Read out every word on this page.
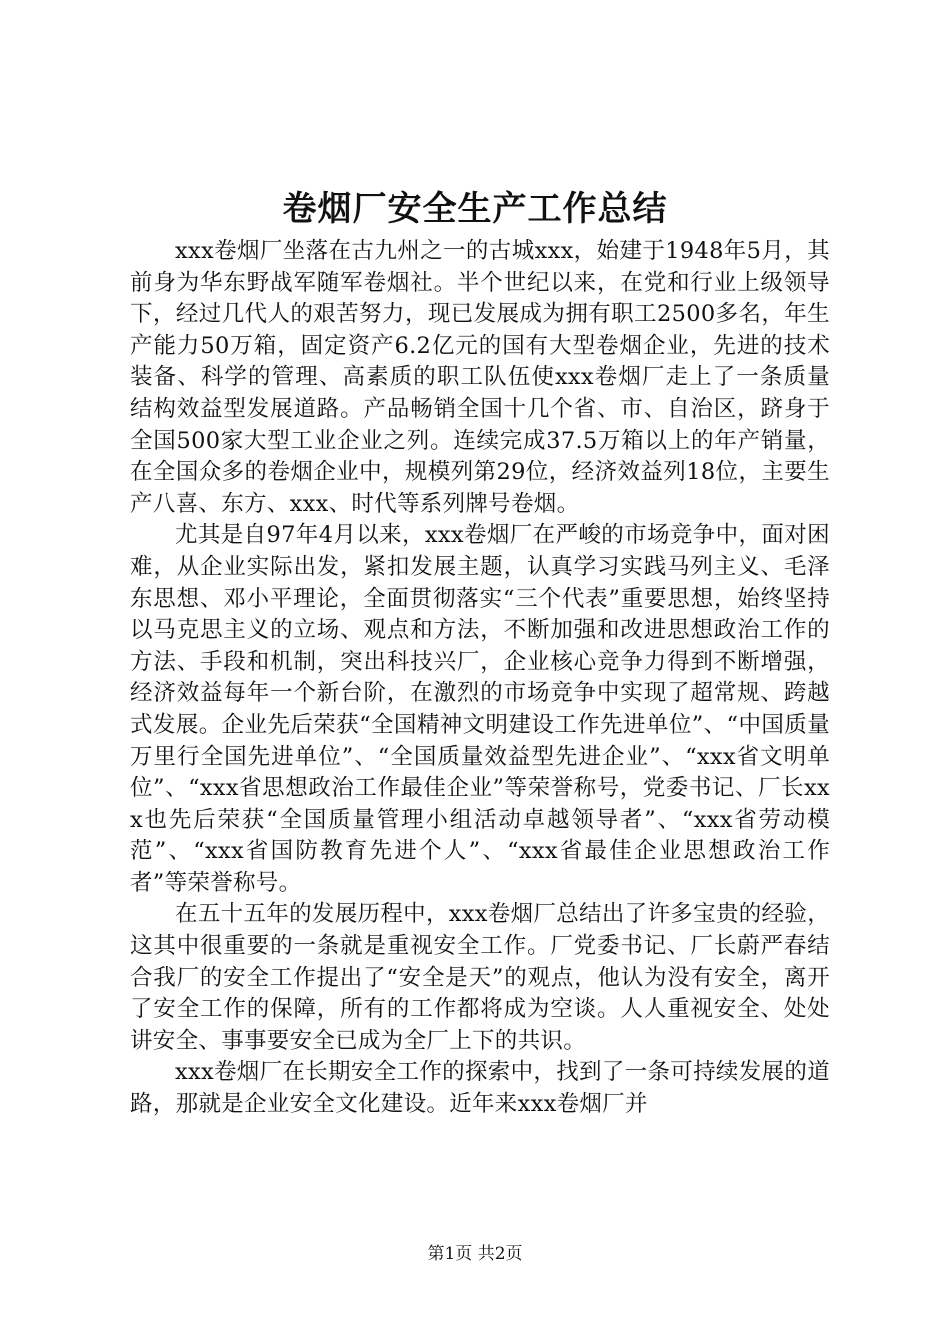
卷烟厂安全生产工作总结

xxx卷烟厂坐落在古九州之一的古城xxx，始建于1948年5月，其前身为华东野战军随军卷烟社。半个世纪以来，在党和行业上级领导下，经过几代人的艰苦努力，现已发展成为拥有职工2500多名，年生产能力50万箱，固定资产6.2亿元的国有大型卷烟企业，先进的技术装备、科学的管理、高素质的职工队伍使xxx卷烟厂走上了一条质量结构效益型发展道路。产品畅销全国十几个省、市、自治区，跻身于全国500家大型工业企业之列。连续完成37.5万箱以上的年产销量，在全国众多的卷烟企业中，规模列第29位，经济效益列18位，主要生产八喜、东方、xxx、时代等系列牌号卷烟。

尤其是自97年4月以来，xxx卷烟厂在严峻的市场竞争中，面对困难，从企业实际出发，紧扣发展主题，认真学习实践马列主义、毛泽东思想、邓小平理论，全面贯彻落实“三个代表”重要思想，始终坚持以马克思主义的立场、观点和方法，不断加强和改进思想政治工作的方法、手段和机制，突出科技兴厂，企业核心竞争力得到不断增强，经济效益每年一个新台阶，在激烈的市场竞争中实现了超常规、跨越式发展。企业先后荣获“全国精神文明建设工作先进单位”、“中国质量万里行全国先进单位”、“全国质量效益型先进企业”、“xxx省文明单位”、“xxx省思想政治工作最佳企业”等荣誉称号，党委书记、厂长xxx也先后荣获“全国质量管理小组活动卓越领导者”、“xxx省劳动模范”、“xxx省国防教育先进个人”、“xxx省最佳企业思想政治工作者”等荣誉称号。

在五十五年的发展历程中，xxx卷烟厂总结出了许多宝贵的经验，这其中很重要的一条就是重视安全工作。厂党委书记、厂长蔚严春结合我厂的安全工作提出了“安全是天”的观点，他认为没有安全，离开了安全工作的保障，所有的工作都将成为空谈。人人重视安全、处处讲安全、事事要安全已成为全厂上下的共识。

xxx卷烟厂在长期安全工作的探索中，找到了一条可持续发展的道路，那就是企业安全文化建设。近年来xxx卷烟厂并

第1页 共2页
